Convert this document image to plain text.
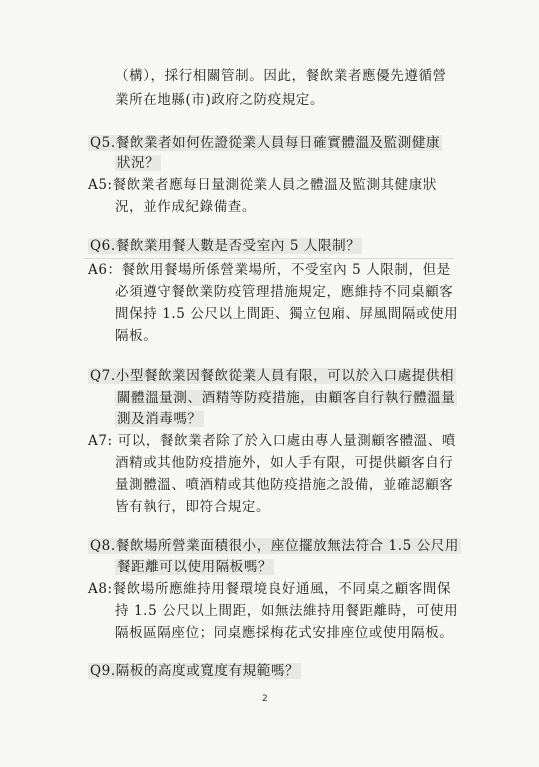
（構），採行相關管制。因此，餐飲業者應優先遵循營
業所在地縣(市)政府之防疫規定。
Q5.餐飲業者如何佐證從業人員每日確實體溫及監測健康
狀況？
A5:餐飲業者應每日量測從業人員之體溫及監測其健康狀
況，並作成紀錄備查。
Q6.餐飲業用餐人數是否受室內 5 人限制？
A6：餐飲用餐場所係營業場所，不受室內 5 人限制，但是
必須遵守餐飲業防疫管理措施規定，應維持不同桌顧客
間保持 1.5 公尺以上間距、獨立包廂、屏風間隔或使用
隔板。
Q7.小型餐飲業因餐飲從業人員有限，可以於入口處提供相
關體溫量測、酒精等防疫措施，由顧客自行執行體溫量
測及消毒嗎？
A7: 可以，餐飲業者除了於入口處由專人量測顧客體溫、噴
酒精或其他防疫措施外，如人手有限，可提供顧客自行
量測體溫、噴酒精或其他防疫措施之設備，並確認顧客
皆有執行，即符合規定。
Q8.餐飲場所營業面積很小，座位擺放無法符合 1.5 公尺用
餐距離可以使用隔板嗎？
A8:餐飲場所應維持用餐環境良好通風，不同桌之顧客間保
持 1.5 公尺以上間距，如無法維持用餐距離時，可使用
隔板區隔座位；同桌應採梅花式安排座位或使用隔板。
Q9.隔板的高度或寬度有規範嗎？
2
